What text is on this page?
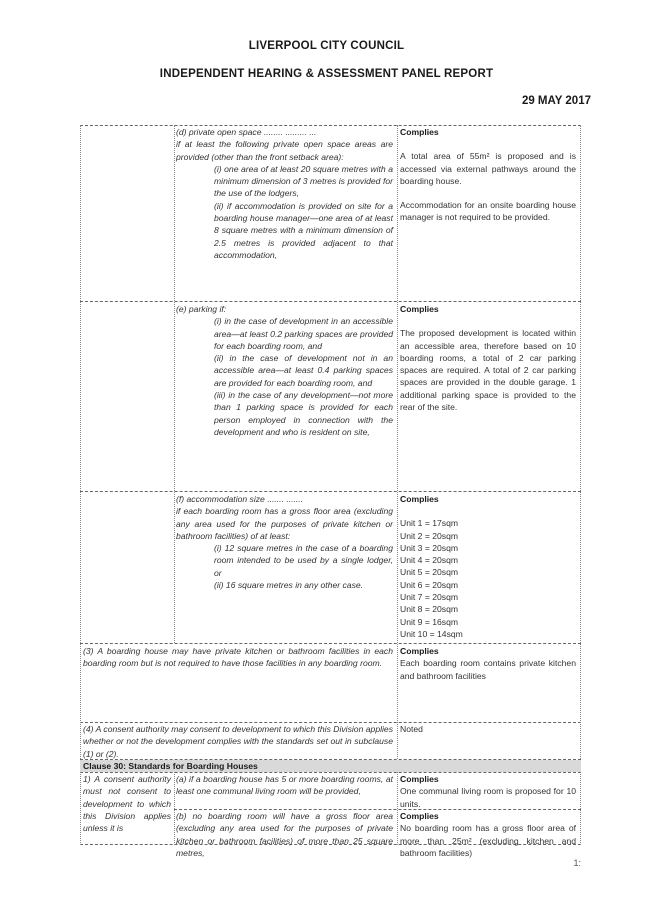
LIVERPOOL CITY COUNCIL
INDEPENDENT HEARING & ASSESSMENT PANEL REPORT
29 MAY 2017

(d) private open space ........ ......... ...

if at least the following private open space areas are provided (other than the front setback area):

(i) one area of at least 20 square metres with a minimum dimension of 3 metres is provided for the use of the lodgers,

(ii) if accommodation is provided on site for a boarding house manager—one area of at least 8 square metres with a minimum dimension of 2.5 metres is provided adjacent to that accommodation,

Complies

A total area of 55m² is proposed and is accessed via external pathways around the boarding house.

Accommodation for an onsite boarding house manager is not required to be provided.

(e) parking if:

(i) in the case of development in an accessible area—at least 0.2 parking spaces are provided for each boarding room, and

(ii) in the case of development not in an accessible area—at least 0.4 parking spaces are provided for each boarding room, and

(iii) in the case of any development—not more than 1 parking space is provided for each person employed in connection with the development and who is resident on site,

Complies

The proposed development is located within an accessible area, therefore based on 10 boarding rooms, a total of 2 car parking spaces are required. A total of 2 car parking spaces are provided in the double garage. 1 additional parking space is provided to the rear of the site.

(f) accommodation size ....... .......

if each boarding room has a gross floor area (excluding any area used for the purposes of private kitchen or bathroom facilities) of at least:

(i) 12 square metres in the case of a boarding room intended to be used by a single lodger, or

(ii) 16 square metres in any other case.

Complies

Unit 1 = 17sqm
Unit 2 = 20sqm
Unit 3 = 20sqm
Unit 4 = 20sqm
Unit 5 = 20sqm
Unit 6 = 20sqm
Unit 7 = 20sqm
Unit 8 = 20sqm
Unit 9 = 16sqm
Unit 10 = 14sqm

(3) A boarding house may have private kitchen or bathroom facilities in each boarding room but is not required to have those facilities in any boarding room.

Complies

Each boarding room contains private kitchen and bathroom facilities

(4) A consent authority may consent to development to which this Division applies whether or not the development complies with the standards set out in subclause (1) or (2).

Noted

Clause 30: Standards for Boarding Houses

1) A consent authority must not consent to development to which this Division applies unless it is

(a) if a boarding house has 5 or more boarding rooms, at least one communal living room will be provided,

Complies

One communal living room is proposed for 10 units.

(b) no boarding room will have a gross floor area (excluding any area used for the purposes of private kitchen or bathroom facilities) of more than 25 square metres,

Complies

No boarding room has a gross floor area of more than 25m² (excluding kitchen and bathroom facilities)

1:
